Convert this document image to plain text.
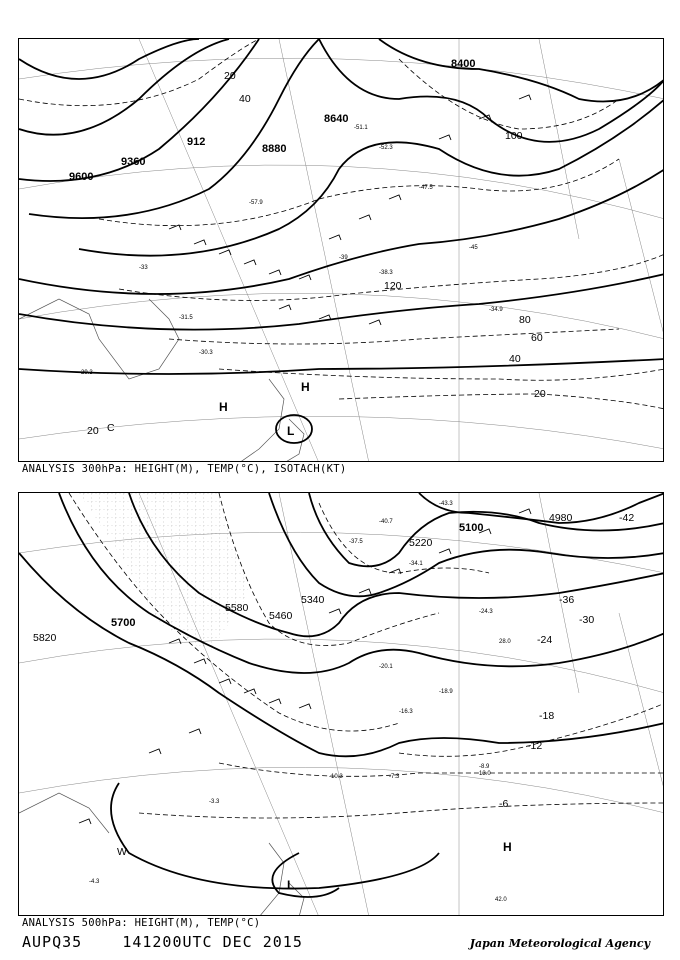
9600
9360
912
8880
8640
8400
20
40
60
80
100
120
20
40
20
-51.1
-52.3
-47.5
-45
-39
-33
-31.5
-30.3
-29.3
-34.9
-38.3
-57.9
H
H
L
C
ANALYSIS 300hPa: HEIGHT(M), TEMP(°C), ISOTACH(KT)
5820
5700
5580
5460
5340
5220
5100
4980
-36
-30
-24
-18
-12
-6
-42
-43.3
-40.7
-37.5
-34.1
-24.3
-20.1
-18.9
-16.3
-8.9
-7.3
-4.3
-3.3
-10.3	13.0
42.0
28.0
H
L
W
ANALYSIS 500hPa: HEIGHT(M), TEMP(°C)
AUPQ35	141200UTC DEC 2015	Japan Meteorological Agency
